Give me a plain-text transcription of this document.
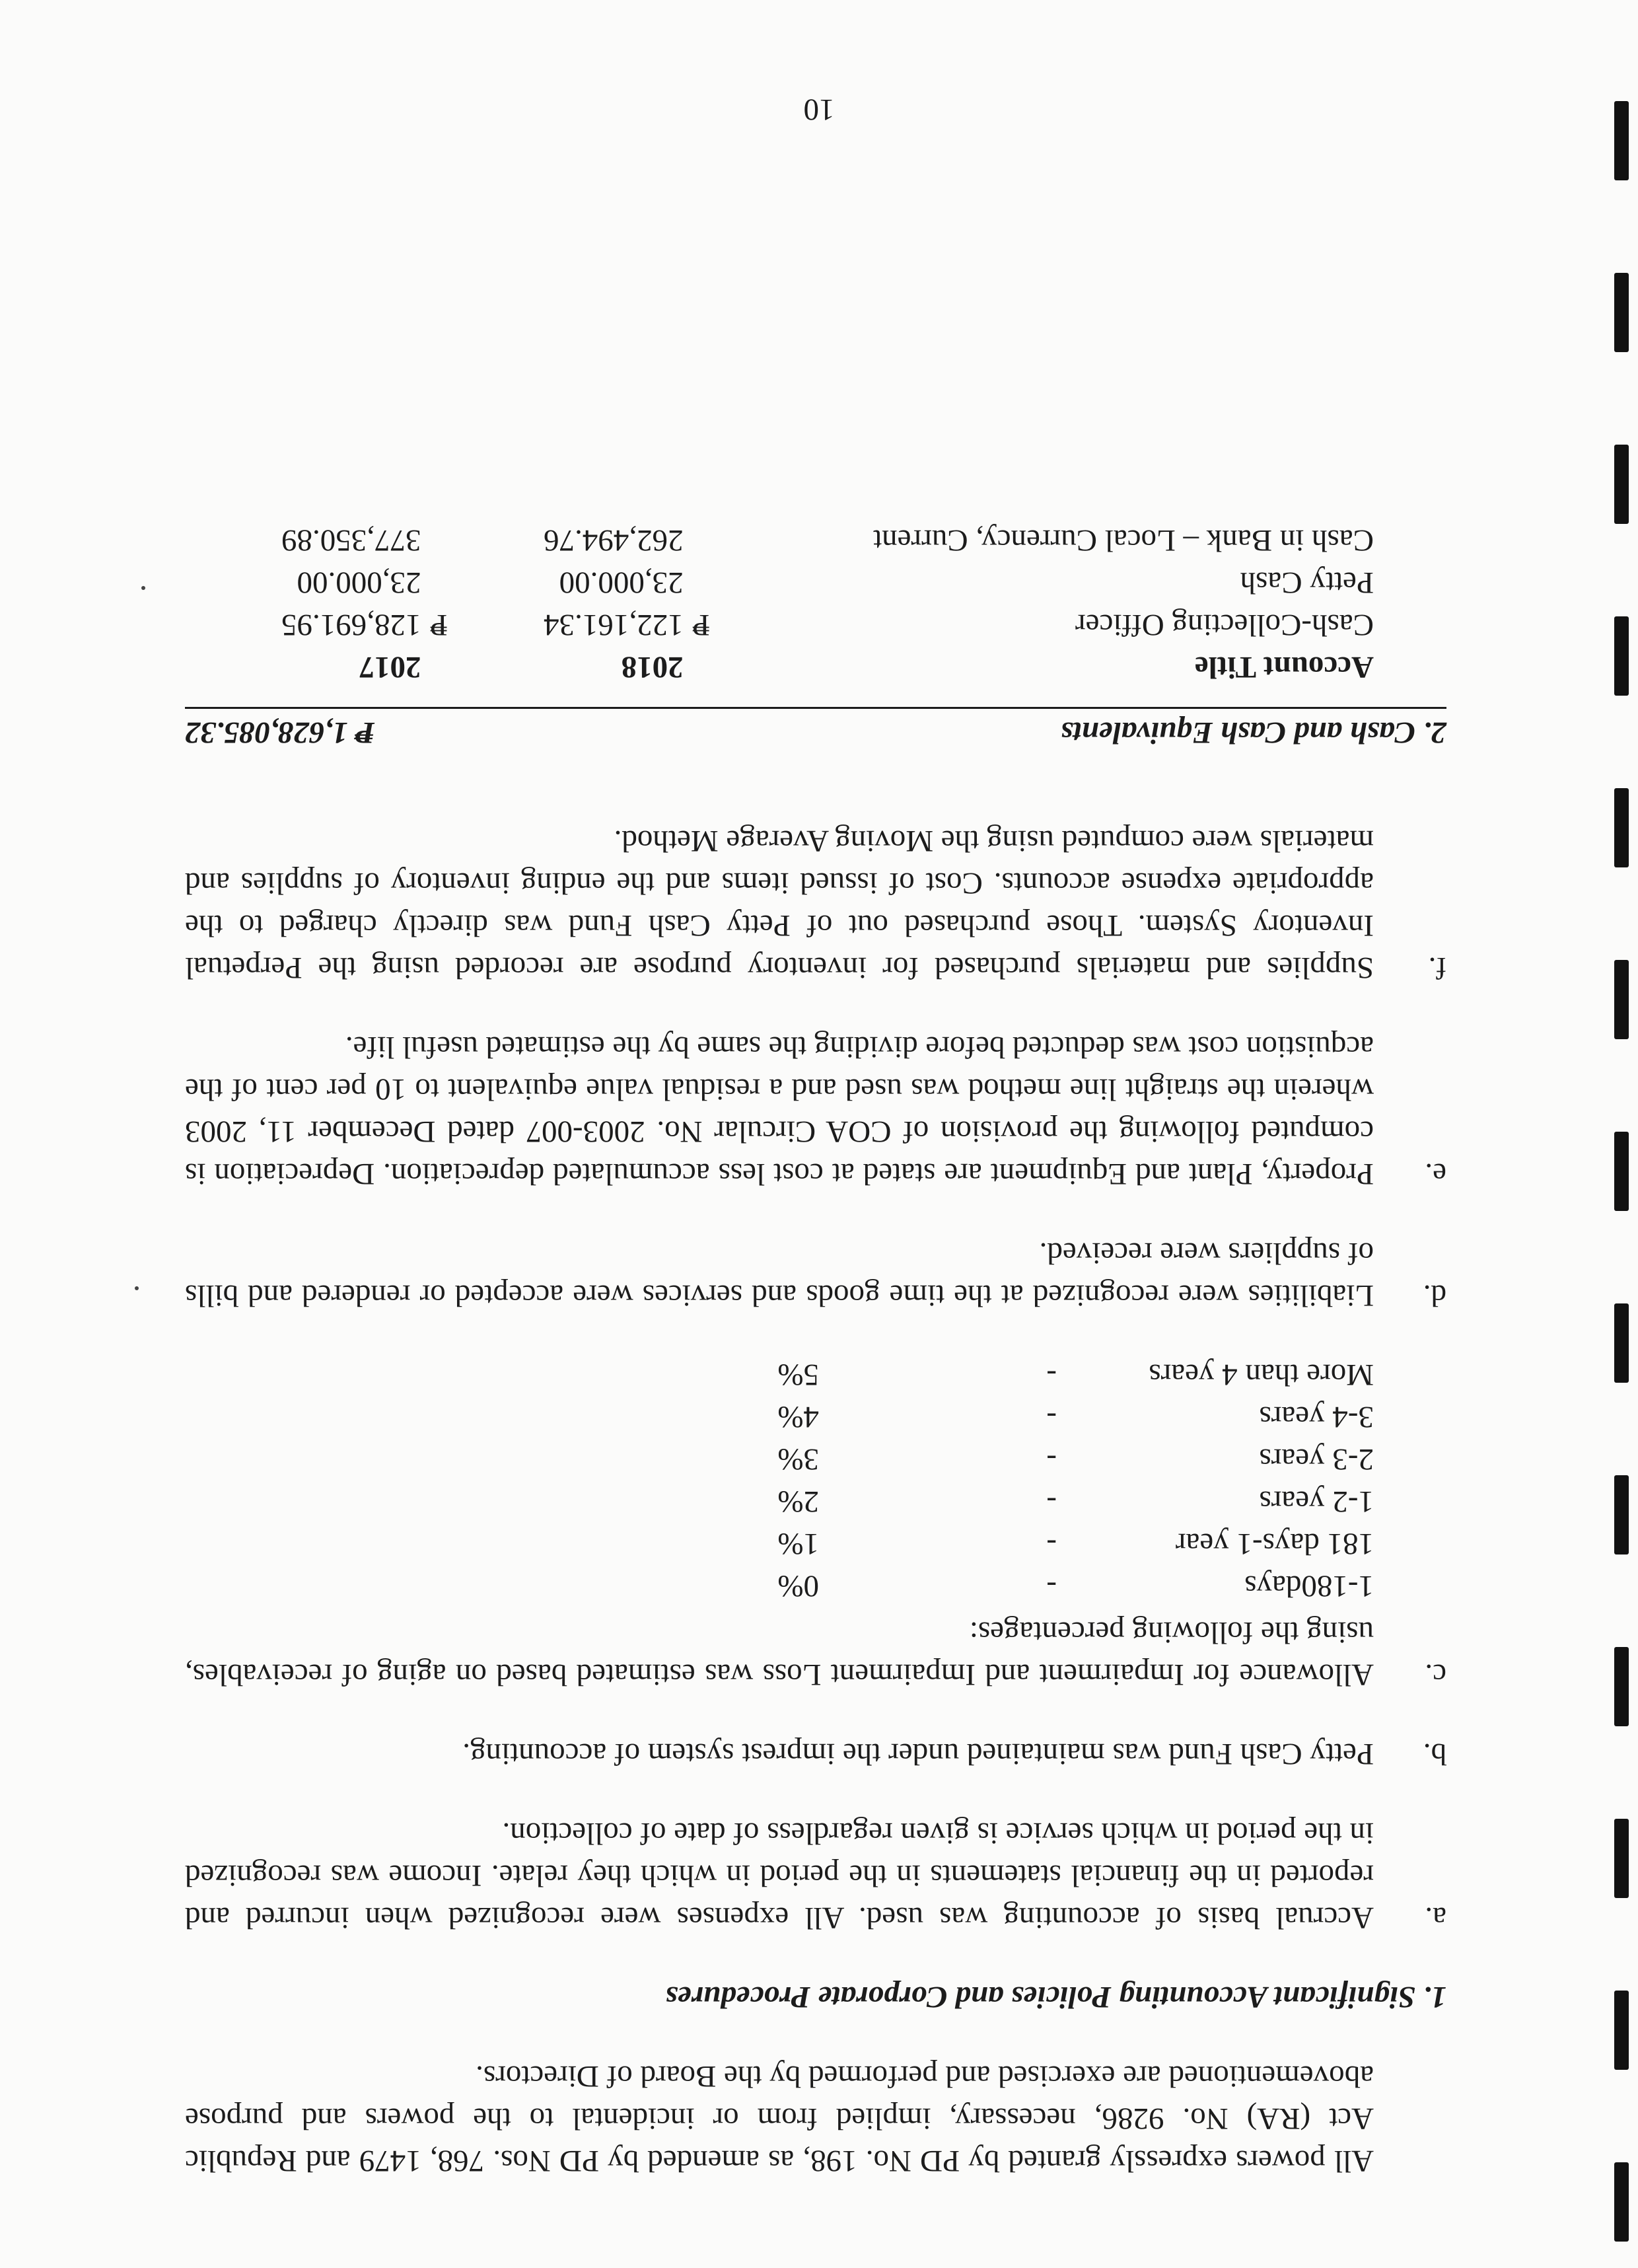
All powers expressly granted by PD No. 198, as amended by PD Nos. 768, 1479 and Republic Act (RA) No. 9286, necessary, implied from or incidental to the powers and purpose abovementioned are exercised and performed by the Board of Directors.

1. Significant Accounting Policies and Corporate Procedures

a.

Accrual basis of accounting was used. All expenses were recognized when incurred and reported in the financial statements in the period in which they relate. Income was recognized in the period in which service is given regardless of date of collection.

b.

Petty Cash Fund was maintained under the imprest system of accounting.

c.

Allowance for Impairment and Impairment Loss was estimated based on aging of receivables, using the following percentages:

1-180days
-
0%
181 days-1 year
-
1%
1-2 years
-
2%
2-3 years
-
3%
3-4 years
-
4%
More than 4 years
-
5%
d.

Liabilities were recognized at the time goods and services were accepted or rendered and bills of suppliers were received.

e.

Property, Plant and Equipment are stated at cost less accumulated depreciation. Depreciation is computed following the provision of COA Circular No. 2003-007 dated December 11, 2003 wherein the straight line method was used and a residual value equivalent to 10 per cent of the acquistion cost was deducted before dividing the same by the estimated useful life.

f.

Supplies and materials purchased for inventory purpose are recorded using the Perpetual Inventory System. Those purchased out of Petty Cash Fund was directly charged to the appropriate expense accounts. Cost of issued items and the ending inventory of supplies and materials were computed using the Moving Average Method.

2. Cash and Cash Equivalents
₱ 1,628,085.32
Account Title		2018		2017
Cash-Collecting Officer	₱	122,161.34	₱	128,691.95
Petty Cash		23,000.00		23,000.00
Cash in Bank – Local Currency, Current		262,494.76		377,350.89
10
